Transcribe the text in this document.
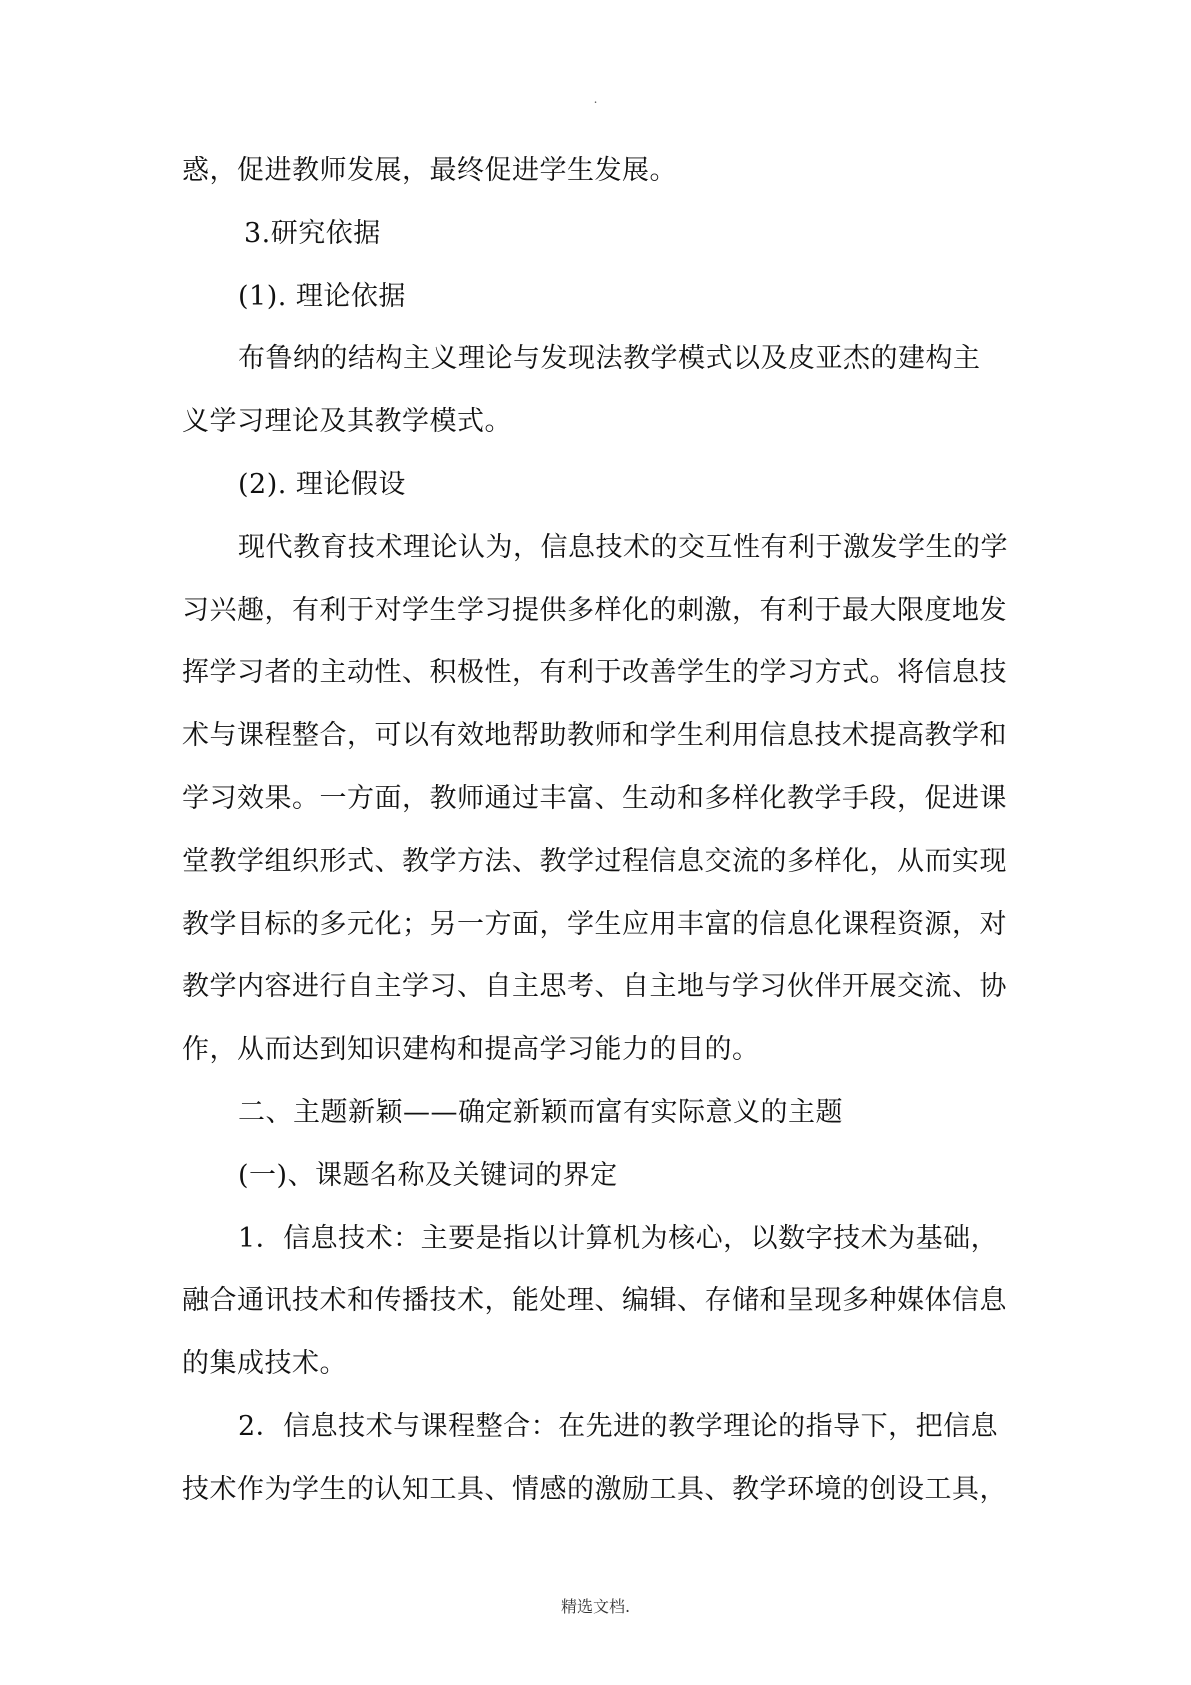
.

惑，促进教师发展，最终促进学生发展。

3.研究依据

(1). 理论依据

布鲁纳的结构主义理论与发现法教学模式以及皮亚杰的建构主

义学习理论及其教学模式。

(2). 理论假设

现代教育技术理论认为，信息技术的交互性有利于激发学生的学

习兴趣，有利于对学生学习提供多样化的刺激，有利于最大限度地发

挥学习者的主动性、积极性，有利于改善学生的学习方式。将信息技

术与课程整合，可以有效地帮助教师和学生利用信息技术提高教学和

学习效果。一方面，教师通过丰富、生动和多样化教学手段，促进课

堂教学组织形式、教学方法、教学过程信息交流的多样化，从而实现

教学目标的多元化；另一方面，学生应用丰富的信息化课程资源，对

教学内容进行自主学习、自主思考、自主地与学习伙伴开展交流、协

作，从而达到知识建构和提高学习能力的目的。

二、主题新颖——确定新颖而富有实际意义的主题

(一)、课题名称及关键词的界定

1．信息技术：主要是指以计算机为核心，以数字技术为基础，

融合通讯技术和传播技术，能处理、编辑、存储和呈现多种媒体信息

的集成技术。

2．信息技术与课程整合：在先进的教学理论的指导下，把信息

技术作为学生的认知工具、情感的激励工具、教学环境的创设工具，

精选文档.
